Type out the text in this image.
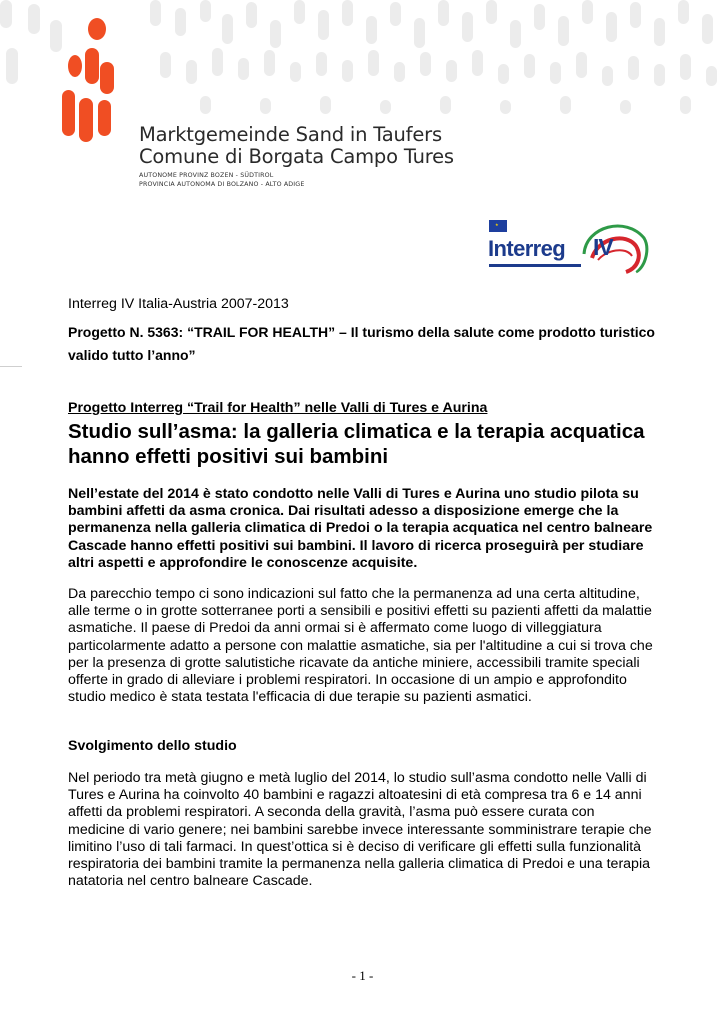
Marktgemeinde Sand in Taufers
Comune di Borgata Campo Tures
AUTONOME PROVINZ BOZEN - SÜDTIROL
PROVINCIA AUTONOMA DI BOLZANO - ALTO ADIGE
★
Interreg IV

Interreg IV Italia-Austria 2007-2013

Progetto N. 5363: “TRAIL FOR HEALTH” – Il turismo della salute come prodotto turistico valido tutto l’anno”

Progetto Interreg “Trail for Health” nelle Valli di Tures e Aurina

Studio sull’asma: la galleria climatica e la terapia acquatica hanno effetti positivi sui bambini

Nell’estate del 2014 è stato condotto nelle Valli di Tures e Aurina uno studio pilota su bambini affetti da asma cronica. Dai risultati adesso a disposizione emerge che la permanenza nella galleria climatica di Predoi o la terapia acquatica nel centro balneare Cascade hanno effetti positivi sui bambini. Il lavoro di ricerca proseguirà per studiare altri aspetti e approfondire le conoscenze acquisite.

Da parecchio tempo ci sono indicazioni sul fatto che la permanenza ad una certa altitudine, alle terme o in grotte sotterranee porti a sensibili e positivi effetti su pazienti affetti da malattie asmatiche. Il paese di Predoi da anni ormai si è affermato come luogo di villeggiatura particolarmente adatto a persone con malattie asmatiche, sia per l'altitudine a cui si trova che per la presenza di grotte salutistiche ricavate da antiche miniere, accessibili tramite speciali offerte in grado di alleviare i problemi respiratori. In occasione di un ampio e approfondito studio medico è stata testata l'efficacia di due terapie su pazienti asmatici.

Svolgimento dello studio

Nel periodo tra metà giugno e metà luglio del 2014, lo studio sull’asma condotto nelle Valli di Tures e Aurina ha coinvolto 40 bambini e ragazzi altoatesini di età compresa tra 6 e 14 anni affetti da problemi respiratori. A seconda della gravità, l’asma può essere curata con medicine di vario genere; nei bambini sarebbe invece interessante somministrare terapie che limitino l’uso di tali farmaci. In quest’ottica si è deciso di verificare gli effetti sulla funzionalità respiratoria dei bambini tramite la permanenza nella galleria climatica di Predoi e una terapia natatoria nel centro balneare Cascade.

- 1 -
